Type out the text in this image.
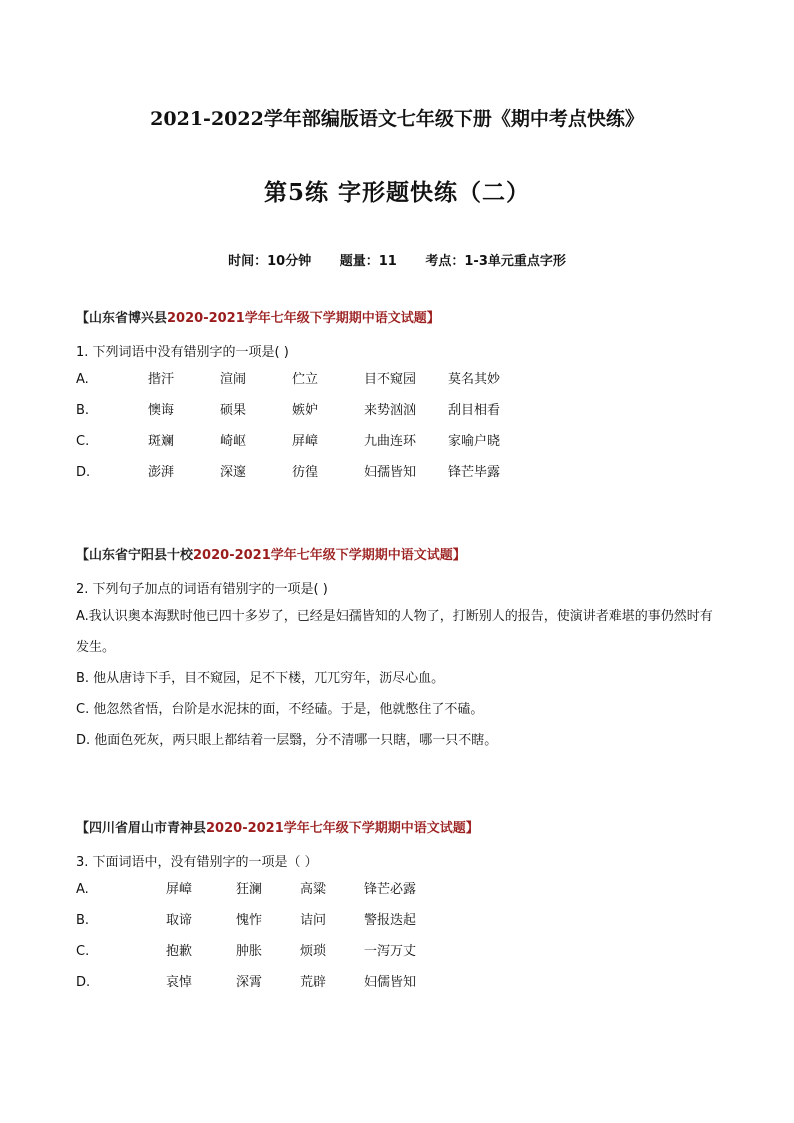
2021-2022学年部编版语文七年级下册《期中考点快练》
第5练 字形题快练（二）
时间：10分钟 题量：11 考点：1-3单元重点字形
【山东省博兴县2020-2021学年七年级下学期期中语文试题】
1. 下列词语中没有错别字的一项是( )
A.	揩汗	渲闹	伫立	目不窥园	莫名其妙
B.	懊诲	硕果	嫉妒	来势汹汹	刮目相看
C.	斑斓	崎岖	屏嶂	九曲连环	家喻户晓
D.	澎湃	深邃	彷徨	妇孺皆知	锋芒毕露
【山东省宁阳县十校2020-2021学年七年级下学期期中语文试题】
2. 下列句子加点的词语有错别字的一项是( )
A.我认识奥本海默时他已四十多岁了，已经是妇孺皆知的人物了，打断别人的报告，使演讲者难堪的事仍然时有发生。
B. 他从唐诗下手，目不窥园，足不下楼，兀兀穷年，沥尽心血。
C. 他忽然省悟，台阶是水泥抹的面，不经磕。于是，他就憋住了不磕。
D. 他面色死灰，两只眼上都结着一层翳，分不清哪一只瞎，哪一只不瞎。
【四川省眉山市青神县2020-2021学年七年级下学期期中语文试题】
3. 下面词语中，没有错别字的一项是（ ）
A.	屏嶂	狂澜	高粱	锋芒必露
B.	取谛	愧怍	诘问	警报迭起
C.	抱歉	肿胀	烦琐	一泻万丈
D.	哀悼	深霄	荒辟	妇儒皆知
